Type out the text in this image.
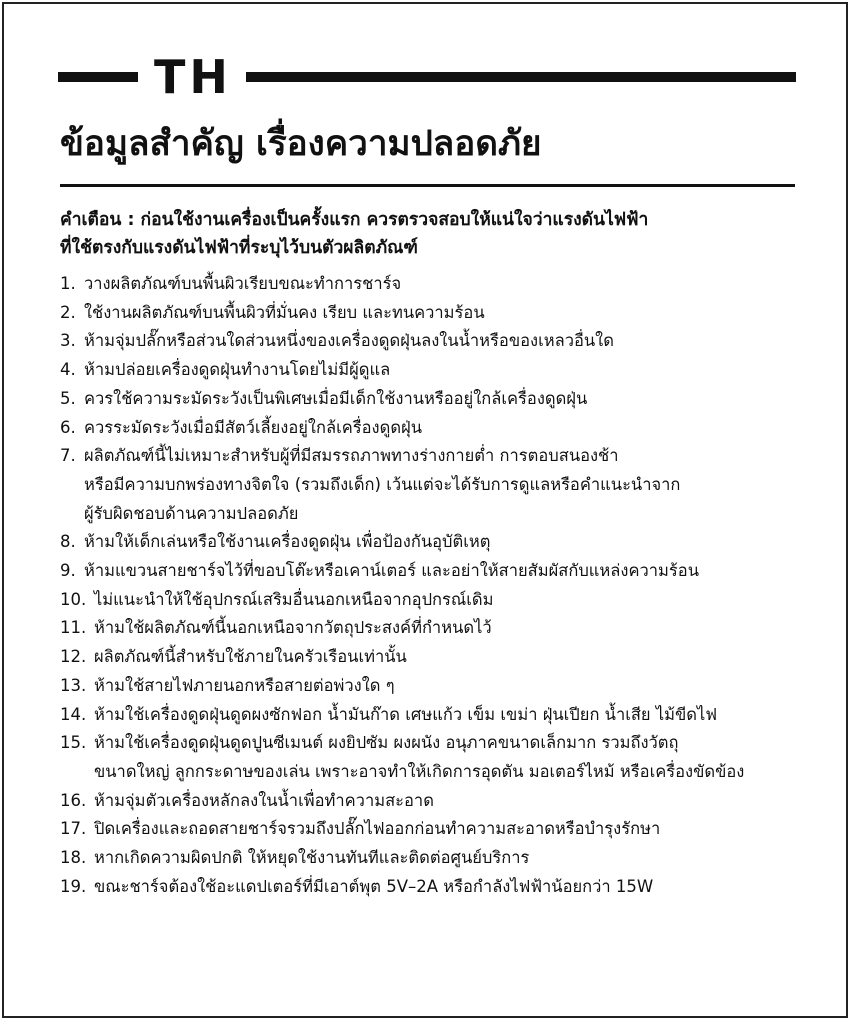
TH
ข้อมูลสำคัญ เรื่องความปลอดภัย
คำเตือน : ก่อนใช้งานเครื่องเป็นครั้งแรก ควรตรวจสอบให้แน่ใจว่าแรงดันไฟฟ้า
ที่ใช้ตรงกับแรงดันไฟฟ้าที่ระบุไว้บนตัวผลิตภัณฑ์
1. วางผลิตภัณฑ์บนพื้นผิวเรียบขณะทำการชาร์จ
2. ใช้งานผลิตภัณฑ์บนพื้นผิวที่มั่นคง เรียบ และทนความร้อน
3. ห้ามจุ่มปลั๊กหรือส่วนใดส่วนหนึ่งของเครื่องดูดฝุ่นลงในน้ำหรือของเหลวอื่นใด
4. ห้ามปล่อยเครื่องดูดฝุ่นทำงานโดยไม่มีผู้ดูแล
5. ควรใช้ความระมัดระวังเป็นพิเศษเมื่อมีเด็กใช้งานหรืออยู่ใกล้เครื่องดูดฝุ่น
6. ควรระมัดระวังเมื่อมีสัตว์เลี้ยงอยู่ใกล้เครื่องดูดฝุ่น
7. ผลิตภัณฑ์นี้ไม่เหมาะสำหรับผู้ที่มีสมรรถภาพทางร่างกายต่ำ การตอบสนองช้า
หรือมีความบกพร่องทางจิตใจ (รวมถึงเด็ก) เว้นแต่จะได้รับการดูแลหรือคำแนะนำจาก
ผู้รับผิดชอบด้านความปลอดภัย
8. ห้ามให้เด็กเล่นหรือใช้งานเครื่องดูดฝุ่น เพื่อป้องกันอุบัติเหตุ
9. ห้ามแขวนสายชาร์จไว้ที่ขอบโต๊ะหรือเคาน์เตอร์ และอย่าให้สายสัมผัสกับแหล่งความร้อน
10. ไม่แนะนำให้ใช้อุปกรณ์เสริมอื่นนอกเหนือจากอุปกรณ์เดิม
11. ห้ามใช้ผลิตภัณฑ์นี้นอกเหนือจากวัตถุประสงค์ที่กำหนดไว้
12. ผลิตภัณฑ์นี้สำหรับใช้ภายในครัวเรือนเท่านั้น
13. ห้ามใช้สายไฟภายนอกหรือสายต่อพ่วงใด ๆ
14. ห้ามใช้เครื่องดูดฝุ่นดูดผงซักฟอก น้ำมันก๊าด เศษแก้ว เข็ม เขม่า ฝุ่นเปียก น้ำเสีย ไม้ขีดไฟ
15. ห้ามใช้เครื่องดูดฝุ่นดูดปูนซีเมนต์ ผงยิปซัม ผงผนัง อนุภาคขนาดเล็กมาก รวมถึงวัตถุ
ขนาดใหญ่ ลูกกระดาษของเล่น เพราะอาจทำให้เกิดการอุดตัน มอเตอร์ไหม้ หรือเครื่องขัดข้อง
16. ห้ามจุ่มตัวเครื่องหลักลงในน้ำเพื่อทำความสะอาด
17. ปิดเครื่องและถอดสายชาร์จรวมถึงปลั๊กไฟออกก่อนทำความสะอาดหรือบำรุงรักษา
18. หากเกิดความผิดปกติ ให้หยุดใช้งานทันทีและติดต่อศูนย์บริการ
19. ขณะชาร์จต้องใช้อะแดปเตอร์ที่มีเอาต์พุต 5V–2A หรือกำลังไฟฟ้าน้อยกว่า 15W
